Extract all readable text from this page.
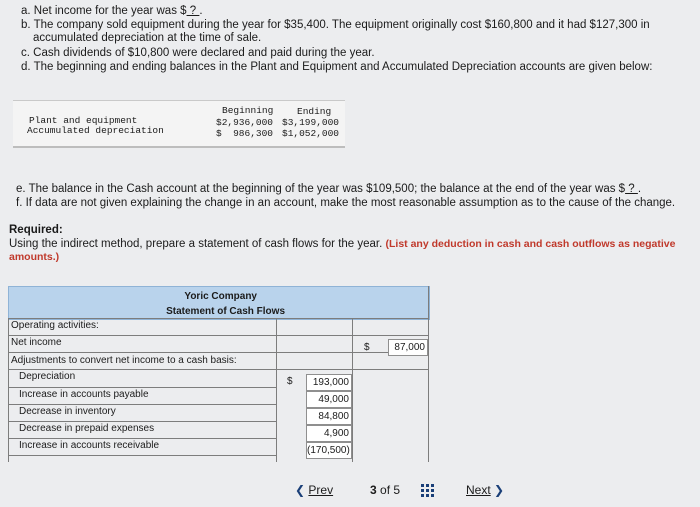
a. Net income for the year was $ ? .
b. The company sold equipment during the year for $35,400. The equipment originally cost $160,800 and it had $127,300 in
accumulated depreciation at the time of sale.
c. Cash dividends of $10,800 were declared and paid during the year.
d. The beginning and ending balances in the Plant and Equipment and Accumulated Depreciation accounts are given below:
Beginning Ending
Plant and equipment	$2,936,000 $3,199,000
Accumulated depreciation	$  986,300 $1,052,000
e. The balance in the Cash account at the beginning of the year was $109,500; the balance at the end of the year was $ ? .
f. If data are not given explaining the change in an account, make the most reasonable assumption as to the cause of the change.
Required:
Using the indirect method, prepare a statement of cash flows for the year. (List any deduction in cash and cash outflows as negative
amounts.)
Yoric Company
Statement of Cash Flows
Operating activities:
Net income	$	87,000
Adjustments to convert net income to a cash basis:
Depreciation	$	193,000
Increase in accounts payable	49,000
Decrease in inventory	84,800
Decrease in prepaid expenses	4,900
Increase in accounts receivable	(170,500)
❮ Prev	3 of 5	Next ❯
